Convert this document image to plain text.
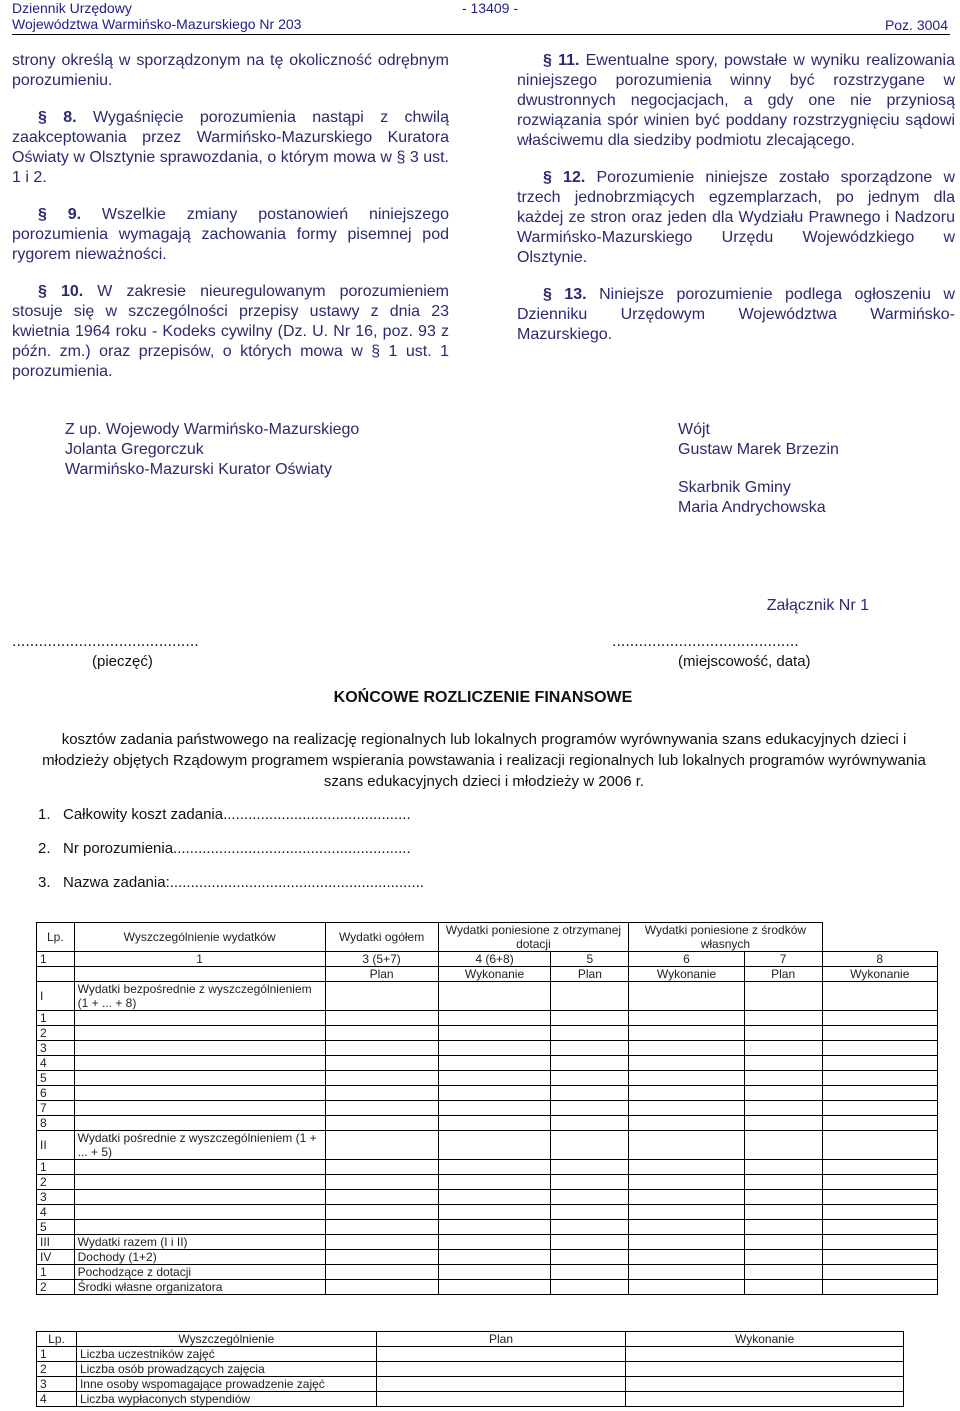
Dziennik Urzędowy
Województwa Warmińsko-Mazurskiego Nr 203
- 13409 -
Poz. 3004

strony określą w sporządzonym na tę okoliczność odrębnym porozumieniu.

§ 8. Wygaśnięcie porozumienia nastąpi z chwilą zaakceptowania przez Warmińsko-Mazurskiego Kuratora Oświaty w Olsztynie sprawozdania, o którym mowa w § 3 ust. 1 i 2.

§ 9. Wszelkie zmiany postanowień niniejszego porozumienia wymagają zachowania formy pisemnej pod rygorem nieważności.

§ 10. W zakresie nieuregulowanym porozumieniem stosuje się w szczególności przepisy ustawy z dnia 23 kwietnia 1964 roku - Kodeks cywilny (Dz. U. Nr 16, poz. 93 z późn. zm.) oraz przepisów, o których mowa w § 1 ust. 1 porozumienia.

§ 11. Ewentualne spory, powstałe w wyniku realizowania niniejszego porozumienia winny być rozstrzygane w dwustronnych negocjacjach, a gdy one nie przyniosą rozwiązania spór winien być poddany rozstrzygnięciu sądowi właściwemu dla siedziby podmiotu zlecającego.

§ 12. Porozumienie niniejsze zostało sporządzone w trzech jednobrzmiących egzemplarzach, po jednym dla każdej ze stron oraz jeden dla Wydziału Prawnego i Nadzoru Warmińsko-Mazurskiego Urzędu Wojewódzkiego w Olsztynie.

§ 13. Niniejsze porozumienie podlega ogłoszeniu w Dzienniku Urzędowym Województwa Warmińsko-Mazurskiego.

Z up. Wojewody Warmińsko-Mazurskiego
Jolanta Gregorczuk
Warmińsko-Mazurski Kurator Oświaty
Wójt
Gustaw Marek Brzezin
Skarbnik Gminy
Maria Andrychowska
Załącznik Nr 1
..........................................	..........................................
(pieczęć)	(miejscowość, data)
KOŃCOWE ROZLICZENIE FINANSOWE
kosztów zadania państwowego na realizację regionalnych lub lokalnych programów wyrównywania szans edukacyjnych dzieci i młodzieży objętych Rządowym programem wspierania powstawania i realizacji regionalnych lub lokalnych programów wyrównywania szans edukacyjnych dzieci i młodzieży w 2006 r.
1.   Całkowity koszt zadania.............................................
2.   Nr porozumienia.........................................................
3.   Nazwa zadania:.............................................................
Lp.	Wyszczególnienie wydatków	Wydatki ogółem	Wydatki poniesione z otrzymanej dotacji		Wydatki poniesione z środków własnych		
1	1	3 (5+7)	4 (6+8)	5	6	7	8
		Plan	Wykonanie	Plan	Wykonanie	Plan	Wykonanie
I	Wydatki bezpośrednie z wyszczególnieniem (1 + ... + 8)						
1							
2							
3							
4							
5							
6							
7							
8							
II	Wydatki pośrednie z wyszczególnieniem (1 + ... + 5)						
1							
2							
3							
4							
5							
III	Wydatki razem (I i II)						
IV	Dochody (1+2)						
1	Pochodzące z dotacji						
2	Środki własne organizatora						
Lp.	Wyszczególnienie	Plan	Wykonanie
1	Liczba uczestników zajęć		
2	Liczba osób prowadzących zajęcia		
3	Inne osoby wspomagające prowadzenie zajęć		
4	Liczba wypłaconych stypendiów		
